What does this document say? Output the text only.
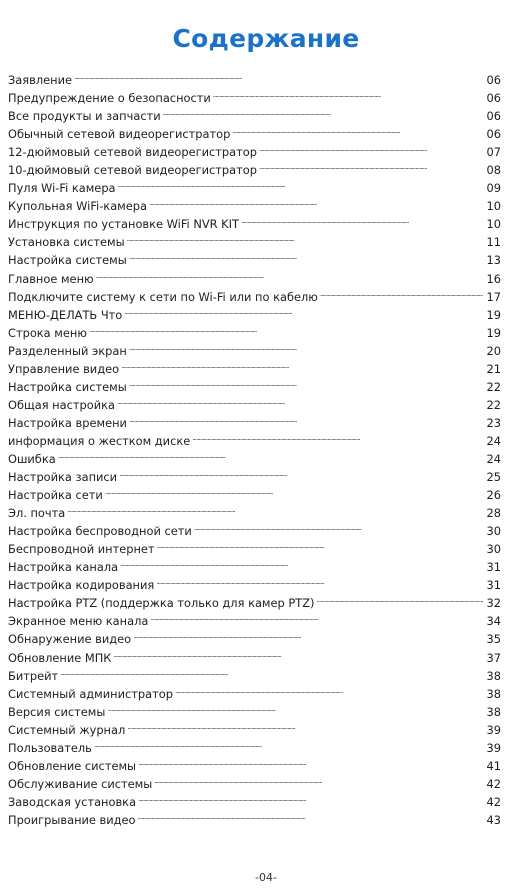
Содержание
Заявление . . .	06
Предупреждение о безопасности . . .	06
Все продукты и запчасти . . .	06
Обычный сетевой видеорегистратор . . .	06
12-дюймовый сетевой видеорегистратор . . .	07
10-дюймовый сетевой видеорегистратор . . .	08
Пуля Wi-Fi камера . . .	09
Купольная WiFi-камера . . .	10
Инструкция по установке WiFi NVR KIT . . .	10
Установка системы . . .	11
Настройка системы . . .	13
Главное меню . . .	16
Подключите систему к сети по Wi-Fi или по кабелю . . .	17
МЕНЮ-ДЕЛАТЬ Что . . .	19
Строка меню . . .	19
Разделенный экран . . .	20
Управление видео . . .	21
Настройка системы . . .	22
Общая настройка . . .	22
Настройка времени . . .	23
информация о жестком диске . . .	24
Ошибка . . .	24
Настройка записи . . .	25
Настройка сети . . .	26
Эл. почта . . .	28
Настройка беспроводной сети . . .	30
Беспроводной интернет . . .	30
Настройка канала . . .	31
Настройка кодирования . . .	31
Настройка PTZ (поддержка только для камер PTZ) . . .	32
Экранное меню канала . . .	34
Обнаружение видео . . .	35
Обновление МПК . . .	37
Битрейт . . .	38
Системный администратор . . .	38
Версия системы . . .	38
Системный журнал . . .	39
Пользователь . . .	39
Обновление системы . . .	41
Обслуживание системы . . .	42
Заводская установка . . .	42
Проигрывание видео . . .	43
-04-
